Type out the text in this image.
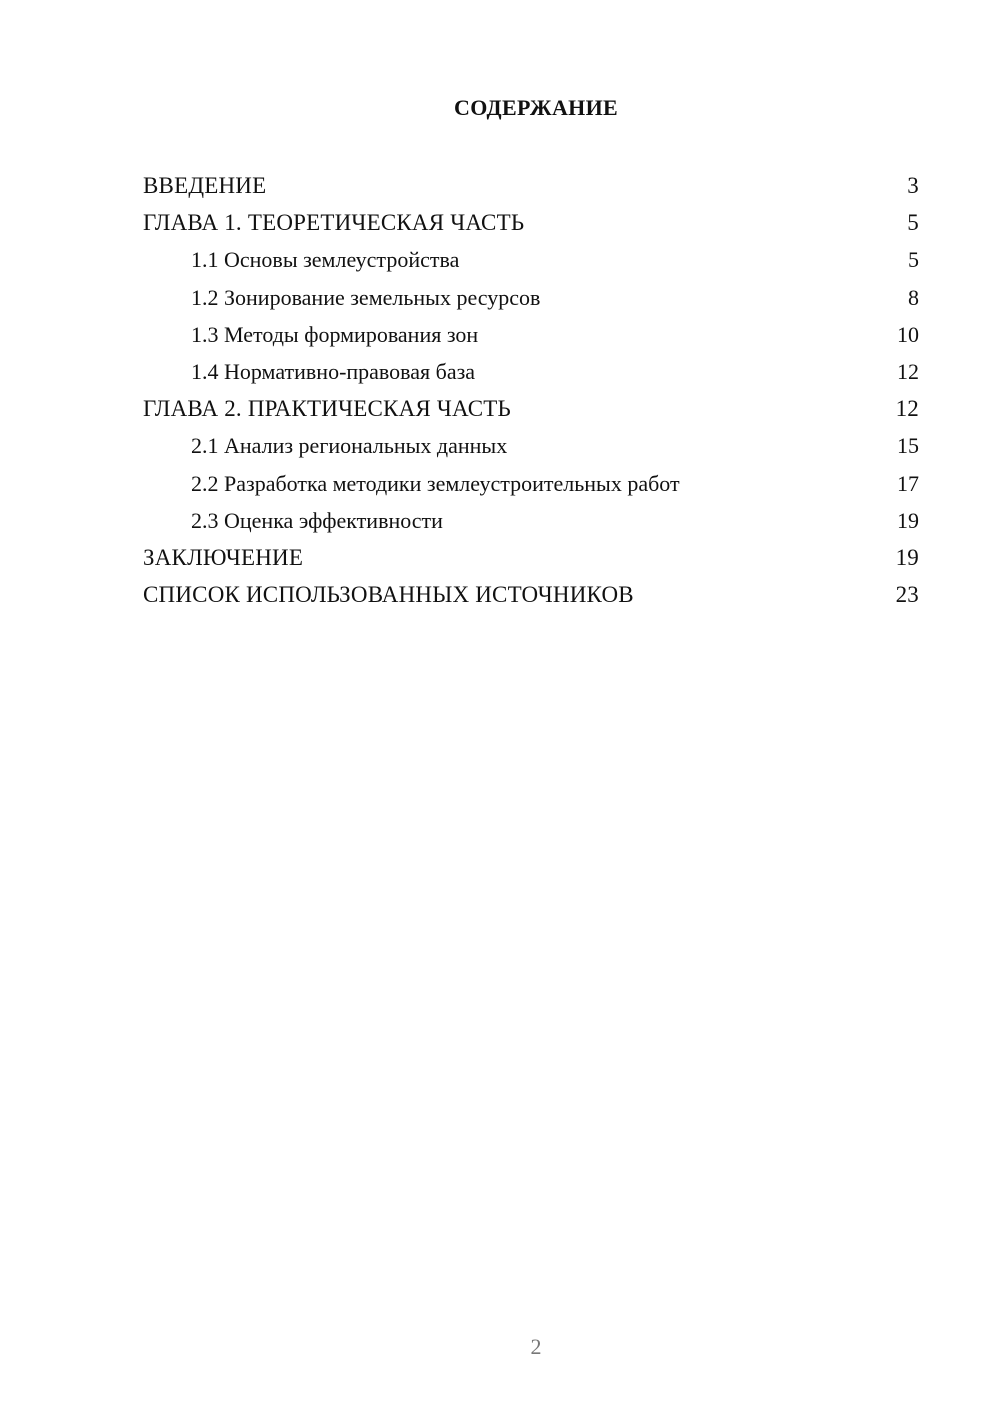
СОДЕРЖАНИЕ
ВВЕДЕНИЕ	3
ГЛАВА 1. ТЕОРЕТИЧЕСКАЯ ЧАСТЬ	5
1.1 Основы землеустройства	5
1.2 Зонирование земельных ресурсов	8
1.3 Методы формирования зон	10
1.4 Нормативно-правовая база	12
ГЛАВА 2. ПРАКТИЧЕСКАЯ ЧАСТЬ	12
2.1 Анализ региональных данных	15
2.2 Разработка методики землеустроительных работ	17
2.3 Оценка эффективности	19
ЗАКЛЮЧЕНИЕ	19
СПИСОК ИСПОЛЬЗОВАННЫХ ИСТОЧНИКОВ	23
2
